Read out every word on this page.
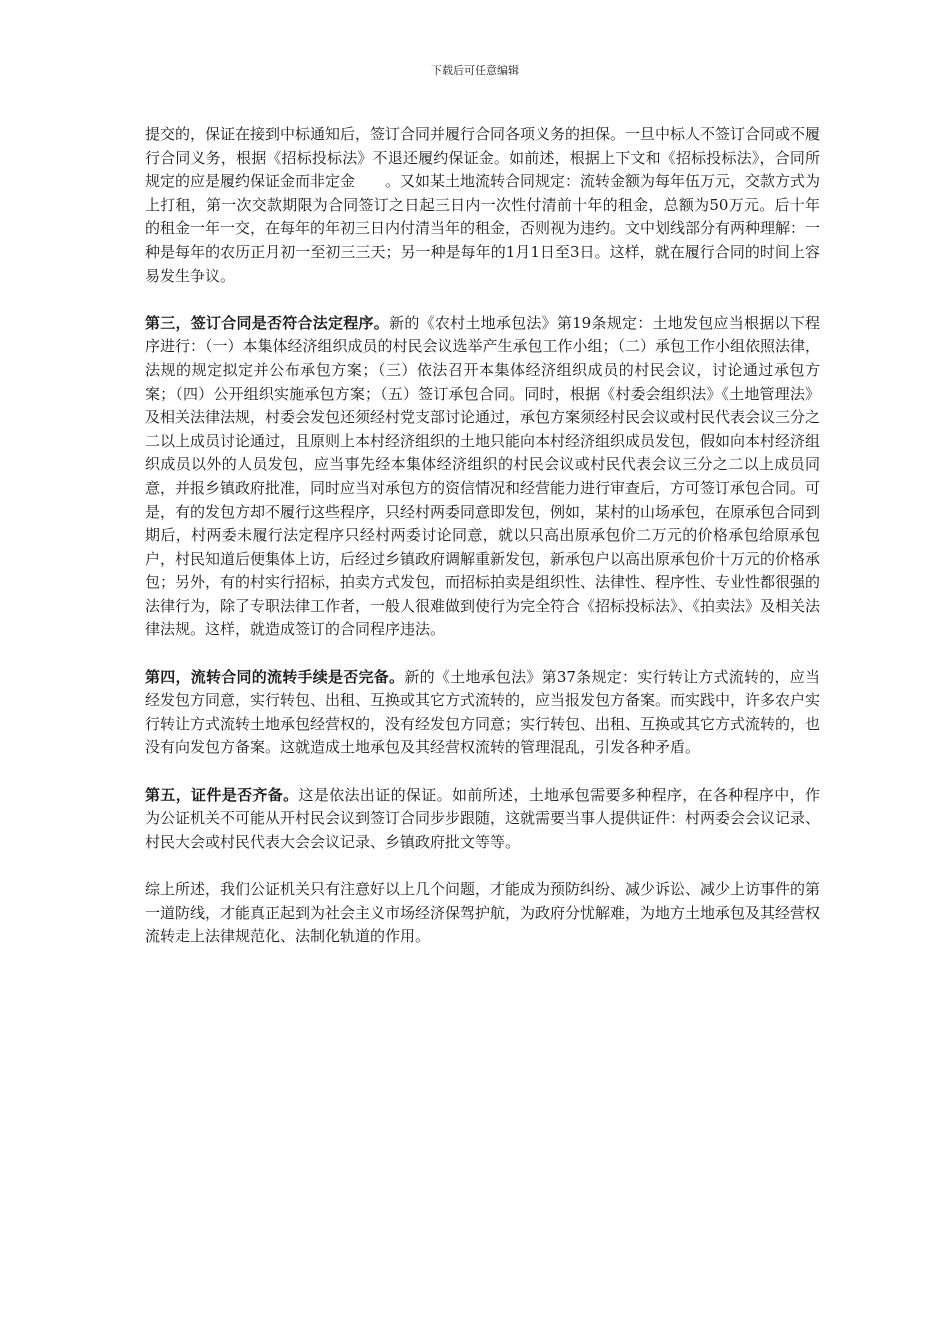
下载后可任意编辑

提交的，保证在接到中标通知后，签订合同并履行合同各项义务的担保。一旦中标人不签订合同或不履行合同义务，根据《招标投标法》不退还履约保证金。如前述，根据上下文和《招标投标法》，合同所规定的应是履约保证金而非定金　　。又如某土地流转合同规定：流转金额为每年伍万元，交款方式为上打租，第一次交款期限为合同签订之日起三日内一次性付清前十年的租金，总额为50万元。后十年的租金一年一交，在每年的年初三日内付清当年的租金，否则视为违约。文中划线部分有两种理解：一种是每年的农历正月初一至初三三天；另一种是每年的1月1日至3日。这样，就在履行合同的时间上容易发生争议。

第三，签订合同是否符合法定程序。新的《农村土地承包法》第19条规定：土地发包应当根据以下程序进行：（一）本集体经济组织成员的村民会议选举产生承包工作小组；（二）承包工作小组依照法律，法规的规定拟定并公布承包方案；（三）依法召开本集体经济组织成员的村民会议，讨论通过承包方案；（四）公开组织实施承包方案；（五）签订承包合同。同时，根据《村委会组织法》《土地管理法》及相关法律法规，村委会发包还须经村党支部讨论通过，承包方案须经村民会议或村民代表会议三分之二以上成员讨论通过，且原则上本村经济组织的土地只能向本村经济组织成员发包，假如向本村经济组织成员以外的人员发包，应当事先经本集体经济组织的村民会议或村民代表会议三分之二以上成员同意，并报乡镇政府批准，同时应当对承包方的资信情况和经营能力进行审查后，方可签订承包合同。可是，有的发包方却不履行这些程序，只经村两委同意即发包，例如，某村的山场承包，在原承包合同到期后，村两委未履行法定程序只经村两委讨论同意，就以只高出原承包价二万元的价格承包给原承包户，村民知道后便集体上访，后经过乡镇政府调解重新发包，新承包户以高出原承包价十万元的价格承包；另外，有的村实行招标，拍卖方式发包，而招标拍卖是组织性、法律性、程序性、专业性都很强的法律行为，除了专职法律工作者，一般人很难做到使行为完全符合《招标投标法》、《拍卖法》及相关法律法规。这样，就造成签订的合同程序违法。

第四，流转合同的流转手续是否完备。新的《土地承包法》第37条规定：实行转让方式流转的，应当经发包方同意，实行转包、出租、互换或其它方式流转的，应当报发包方备案。而实践中，许多农户实行转让方式流转土地承包经营权的，没有经发包方同意；实行转包、出租、互换或其它方式流转的，也没有向发包方备案。这就造成土地承包及其经营权流转的管理混乱，引发各种矛盾。

第五，证件是否齐备。这是依法出证的保证。如前所述，土地承包需要多种程序，在各种程序中，作为公证机关不可能从开村民会议到签订合同步步跟随，这就需要当事人提供证件：村两委会会议记录、村民大会或村民代表大会会议记录、乡镇政府批文等等。

综上所述，我们公证机关只有注意好以上几个问题，才能成为预防纠纷、减少诉讼、减少上访事件的第一道防线，才能真正起到为社会主义市场经济保驾护航，为政府分忧解难，为地方土地承包及其经营权流转走上法律规范化、法制化轨道的作用。
